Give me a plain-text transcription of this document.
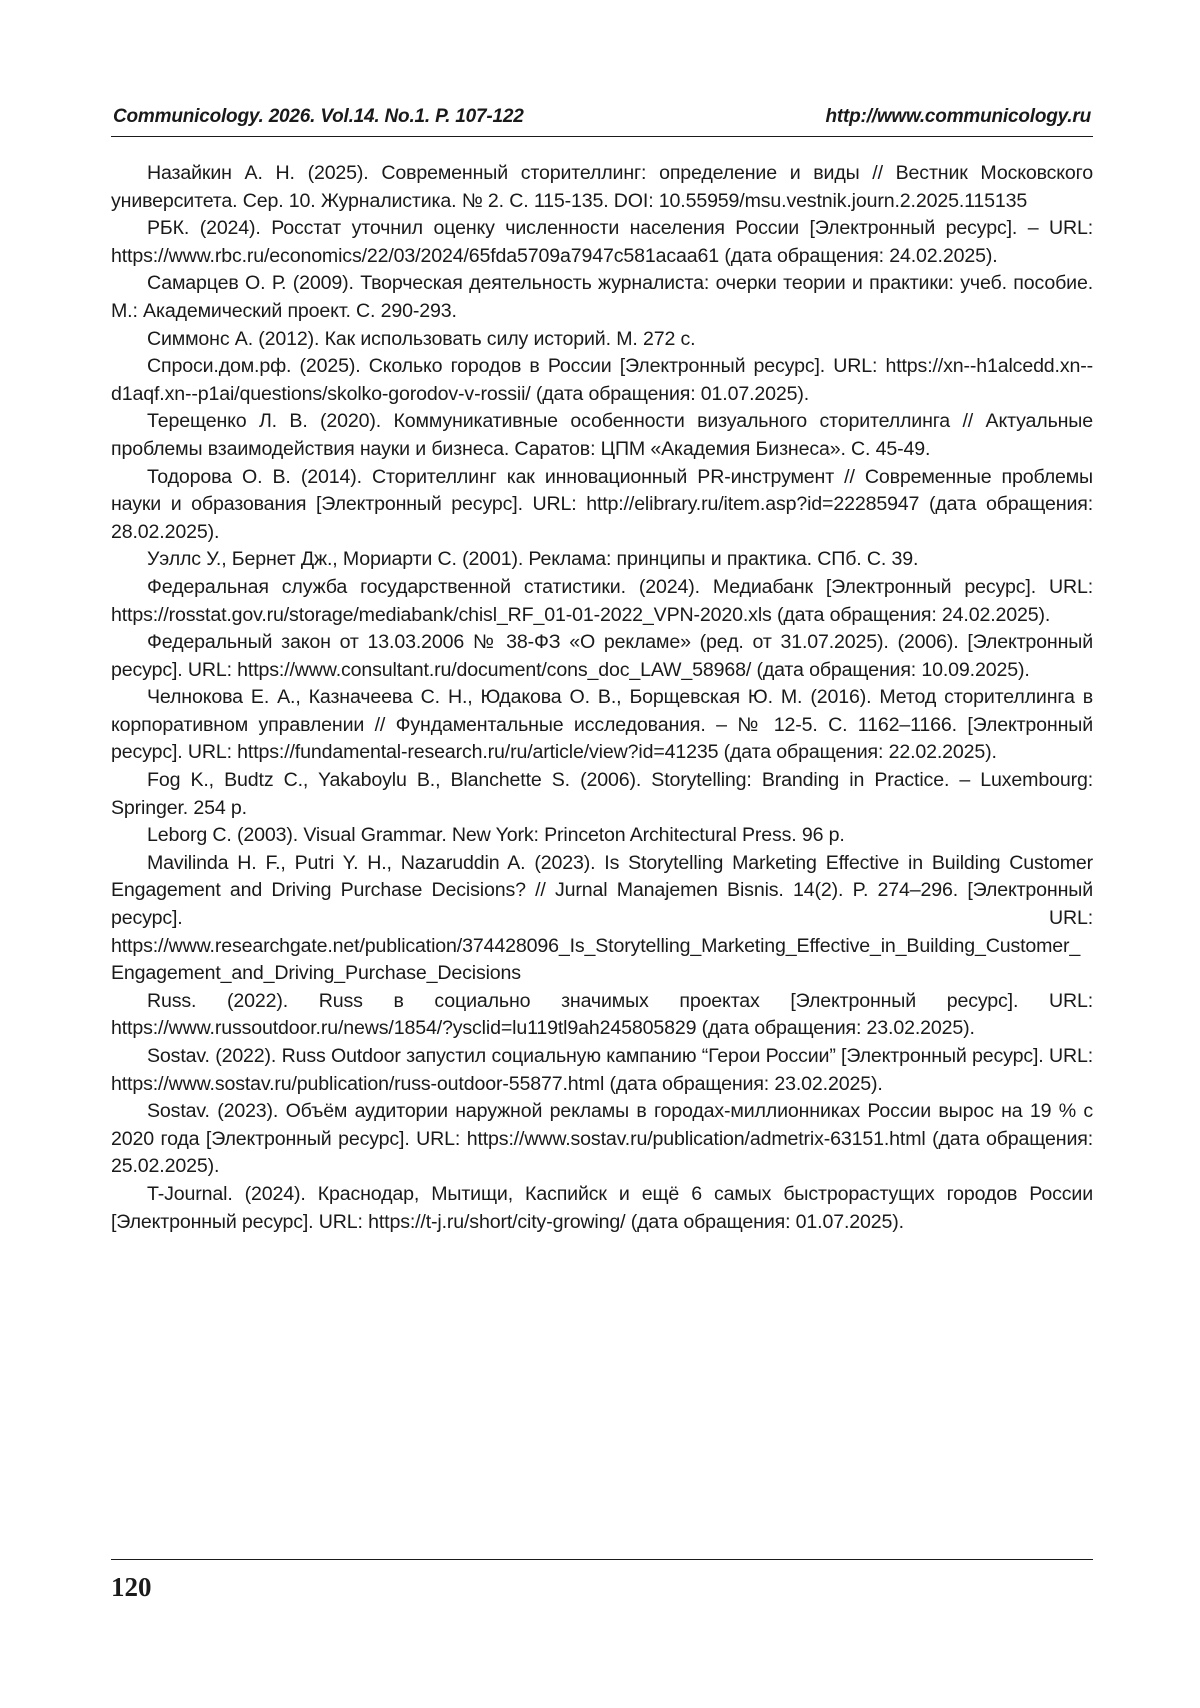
Communicology. 2026. Vol.14. No.1. P. 107-122	http://www.communicology.ru

Назайкин А. Н. (2025). Современный сторителлинг: определение и виды // Вестник Московского университета. Сер. 10. Журналистика. № 2. С. 115-135. DOI: 10.55959/msu.vestnik.journ.2.2025.115135

РБК. (2024). Росстат уточнил оценку численности населения России [Электронный ресурс]. – URL: https://www.rbc.ru/economics/22/03/2024/65fda5709a7947c581acaa61 (дата обращения: 24.02.2025).

Самарцев О. Р. (2009). Творческая деятельность журналиста: очерки теории и практики: учеб. пособие. М.: Академический проект. С. 290-293.

Симмонс А. (2012). Как использовать силу историй. М. 272 с.

Спроси.дом.рф. (2025). Сколько городов в России [Электронный ресурс]. URL: https://xn--h1alcedd.xn--d1aqf.xn--p1ai/questions/skolko-gorodov-v-rossii/ (дата обращения: 01.07.2025).

Терещенко Л. В. (2020). Коммуникативные особенности визуального сторителлинга // Актуальные проблемы взаимодействия науки и бизнеса. Саратов: ЦПМ «Академия Бизнеса». С. 45-49.

Тодорова О. В. (2014). Сторителлинг как инновационный PR-инструмент // Современные проблемы науки и образования [Электронный ресурс]. URL: http://elibrary.ru/item.asp?id=22285947 (дата обращения: 28.02.2025).

Уэллс У., Бернет Дж., Мориарти С. (2001). Реклама: принципы и практика. СПб. С. 39.

Федеральная служба государственной статистики. (2024). Медиабанк [Электронный ресурс]. URL: https://rosstat.gov.ru/storage/mediabank/chisl_RF_01-01-2022_VPN-2020.xls (дата обращения: 24.02.2025).

Федеральный закон от 13.03.2006 № 38-ФЗ «О рекламе» (ред. от 31.07.2025). (2006). [Электронный ресурс]. URL: https://www.consultant.ru/document/cons_doc_LAW_58968/ (дата обращения: 10.09.2025).

Челнокова Е. А., Казначеева С. Н., Юдакова О. В., Борщевская Ю. М. (2016). Метод сторителлинга в корпоративном управлении // Фундаментальные исследования. – № 12-5. С. 1162–1166. [Электронный ресурс]. URL: https://fundamental-research.ru/ru/article/view?id=41235 (дата обращения: 22.02.2025).

Fog K., Budtz C., Yakaboylu B., Blanchette S. (2006). Storytelling: Branding in Practice. – Luxembourg: Springer. 254 p.

Leborg C. (2003). Visual Grammar. New York: Princeton Architectural Press. 96 p.

Mavilinda H. F., Putri Y. H., Nazaruddin A. (2023). Is Storytelling Marketing Effective in Building Customer Engagement and Driving Purchase Decisions? // Jurnal Manajemen Bisnis. 14(2). P. 274–296. [Электронный ресурс]. URL: https://www.researchgate.net/publication/374428096_Is_Storytelling_Marketing_Effective_in_Building_Customer_Engagement_and_Driving_Purchase_Decisions

Russ. (2022). Russ в социально значимых проектах [Электронный ресурс]. URL: https://www.russoutdoor.ru/news/1854/?ysclid=lu119tl9ah245805829 (дата обращения: 23.02.2025).

Sostav. (2022). Russ Outdoor запустил социальную кампанию “Герои России” [Электронный ресурс]. URL: https://www.sostav.ru/publication/russ-outdoor-55877.html (дата обращения: 23.02.2025).

Sostav. (2023). Объём аудитории наружной рекламы в городах-миллионниках России вырос на 19 % с 2020 года [Электронный ресурс]. URL: https://www.sostav.ru/publication/admetrix-63151.html (дата обращения: 25.02.2025).

T-Journal. (2024). Краснодар, Мытищи, Каспийск и ещё 6 самых быстрорастущих городов России [Электронный ресурс]. URL: https://t-j.ru/short/city-growing/ (дата обращения: 01.07.2025).

120
